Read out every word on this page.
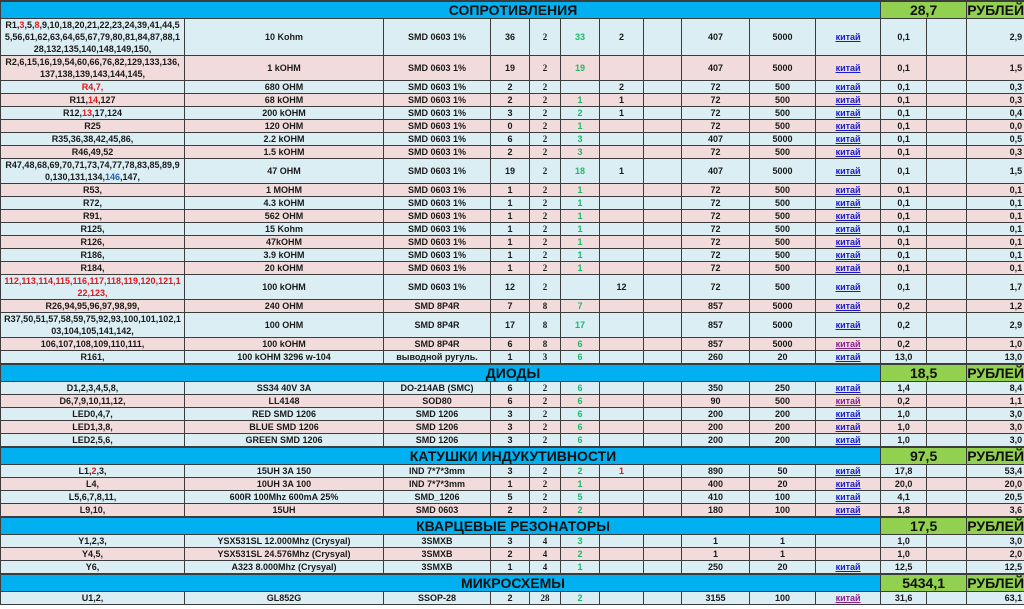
СОПРОТИВЛЕНИЯ											28,7		РУБЛЕЙ
R1,3,5,8,9,10,18,20,21,22,23,24,39,41,44,55,56,61,62,63,64,65,67,79,80,81,84,87,88,128,132,135,140,148,149,150,	10 Kohm	SMD 0603 1%	36	2	33	2		407	5000	китай	0,1		2,9
R2,6,15,16,19,54,60,66,76,82,129,133,136,137,138,139,143,144,145,	1 kOHM	SMD 0603 1%	19	2	19			407	5000	китай	0,1		1,5
R4,7,	680 OHM	SMD 0603 1%	2	2		2		72	500	китай	0,1		0,3
R11,14,127	68 kOHM	SMD 0603 1%	2	2	1	1		72	500	китай	0,1		0,3
R12,13,17,124	200 kOHM	SMD 0603 1%	3	2	2	1		72	500	китай	0,1		0,4
R25	120 OHM	SMD 0603 1%	0	2	1			72	500	китай	0,1		0,0
R35,36,38,42,45,86,	2.2 kOHM	SMD 0603 1%	6	2	3			407	5000	китай	0,1		0,5
R46,49,52	1.5 kOHM	SMD 0603 1%	2	2	3			72	500	китай	0,1		0,3
R47,48,68,69,70,71,73,74,77,78,83,85,89,90,130,131,134,146,147,	47 OHM	SMD 0603 1%	19	2	18	1		407	5000	китай	0,1		1,5
R53,	1 MOHM	SMD 0603 1%	1	2	1			72	500	китай	0,1		0,1
R72,	4.3 kOHM	SMD 0603 1%	1	2	1			72	500	китай	0,1		0,1
R91,	562 OHM	SMD 0603 1%	1	2	1			72	500	китай	0,1		0,1
R125,	15 Kohm	SMD 0603 1%	1	2	1			72	500	китай	0,1		0,1
R126,	47kOHM	SMD 0603 1%	1	2	1			72	500	китай	0,1		0,1
R186,	3.9 kOHM	SMD 0603 1%	1	2	1			72	500	китай	0,1		0,1
R184,	20 kOHM	SMD 0603 1%	1	2	1			72	500	китай	0,1		0,1
112,113,114,115,116,117,118,119,120,121,122,123,	100 kOHM	SMD 0603 1%	12	2		12		72	500	китай	0,1		1,7
R26,94,95,96,97,98,99,	240 OHM	SMD 8P4R	7	8	7			857	5000	китай	0,2		1,2
R37,50,51,57,58,59,75,92,93,100,101,102,103,104,105,141,142,	100 OHM	SMD 8P4R	17	8	17			857	5000	китай	0,2		2,9
106,107,108,109,110,111,	100 kOHM	SMD 8P4R	6	8	6			857	5000	китай	0,2		1,0
R161,	100 kOHM 3296 w-104	выводной ругуль.	1	3	6			260	20	китай	13,0		13,0

ДИОДЫ											18,5		РУБЛЕЙ
D1,2,3,4,5,8,	SS34 40V 3A	DO-214AB (SMC)	6	2	6			350	250	китай	1,4		8,4
D6,7,9,10,11,12,	LL4148	SOD80	6	2	6			90	500	китай	0,2		1,1
LED0,4,7,	RED SMD 1206	SMD 1206	3	2	6			200	200	китай	1,0		3,0
LED1,3,8,	BLUE SMD 1206	SMD 1206	3	2	6			200	200	китай	1,0		3,0
LED2,5,6,	GREEN SMD 1206	SMD 1206	3	2	6			200	200	китай	1,0		3,0

КАТУШКИ ИНДУКУТИВНОСТИ											97,5		РУБЛЕЙ
L1,2,3,	15UH 3A 150	IND 7*7*3mm	3	2	2	1		890	50	китай	17,8		53,4
L4,	10UH 3A 100	IND 7*7*3mm	1	2	1			400	20	китай	20,0		20,0
L5,6,7,8,11,	600R 100Mhz 600mA 25%	SMD_1206	5	2	5			410	100	китай	4,1		20,5
L9,10,	15UH	SMD 0603	2	2	2			180	100	китай	1,8		3,6

КВАРЦЕВЫЕ РЕЗОНАТОРЫ											17,5		РУБЛЕЙ
Y1,2,3,	YSX531SL 12.000Mhz (Crysyal)	3SMXB	3	4	3			1	1		1,0		3,0
Y4,5,	YSX531SL 24.576Mhz (Crysyal)	3SMXB	2	4	2			1	1		1,0		2,0
Y6,	A323 8.000Mhz (Crysyal)	3SMXB	1	4	1			250	20	китай	12,5		12,5

МИКРОСХЕМЫ											5434,1		РУБЛЕЙ
U1,2,	GL852G	SSOP-28	2	28	2			3155	100	китай	31,6		63,1
